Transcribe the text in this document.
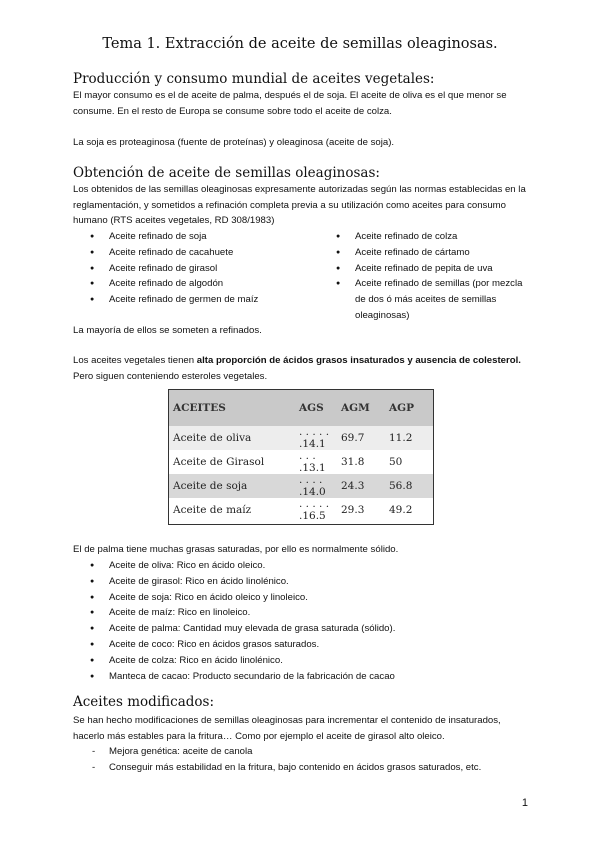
Tema 1. Extracción de aceite de semillas oleaginosas.
Producción y consumo mundial de aceites vegetales:

El mayor consumo es el de aceite de palma, después el de soja. El aceite de oliva es el que menor se consume. En el resto de Europa se consume sobre todo el aceite de colza.

La soja es proteaginosa (fuente de proteínas) y oleaginosa (aceite de soja).

Obtención de aceite de semillas oleaginosas:

Los obtenidos de las semillas oleaginosas expresamente autorizadas según las normas establecidas en la reglamentación, y sometidos a refinación completa previa a su utilización como aceites para consumo humano (RTS aceites vegetales, RD 308/1983)

● Aceite refinado de soja
● Aceite refinado de cacahuete
● Aceite refinado de girasol
● Aceite refinado de algodón
● Aceite refinado de germen de maíz
● Aceite refinado de colza
● Aceite refinado de cártamo
● Aceite refinado de pepita de uva
● Aceite refinado de semillas (por mezcla de dos ó más aceites de semillas oleaginosas)

La mayoría de ellos se someten a refinados.

Los aceites vegetales tienen alta proporción de ácidos grasos insaturados y ausencia de colesterol. Pero siguen conteniendo esteroles vegetales.

ACEITES	AGS	AGM	AGP
Aceite de oliva	. . . . . .14.1	69.7	11.2
Aceite de Girasol	. . . .13.1	31.8	50
Aceite de soja	. . . . .14.0	24.3	56.8
Aceite de maíz	. . . . . .16.5	29.3	49.2

El de palma tiene muchas grasas saturadas, por ello es normalmente sólido.

● Aceite de oliva: Rico en ácido oleico.
● Aceite de girasol: Rico en ácido linolénico.
● Aceite de soja: Rico en ácido oleico y linoleico.
● Aceite de maíz: Rico en linoleico.
● Aceite de palma: Cantidad muy elevada de grasa saturada (sólido).
● Aceite de coco: Rico en ácidos grasos saturados.
● Aceite de colza: Rico en ácido linolénico.
● Manteca de cacao: Producto secundario de la fabricación de cacao
Aceites modificados:

Se han hecho modificaciones de semillas oleaginosas para incrementar el contenido de insaturados, hacerlo más estables para la fritura… Como por ejemplo el aceite de girasol alto oleico.

- Mejora genética: aceite de canola
- Conseguir más estabilidad en la fritura, bajo contenido en ácidos grasos saturados, etc.
1
